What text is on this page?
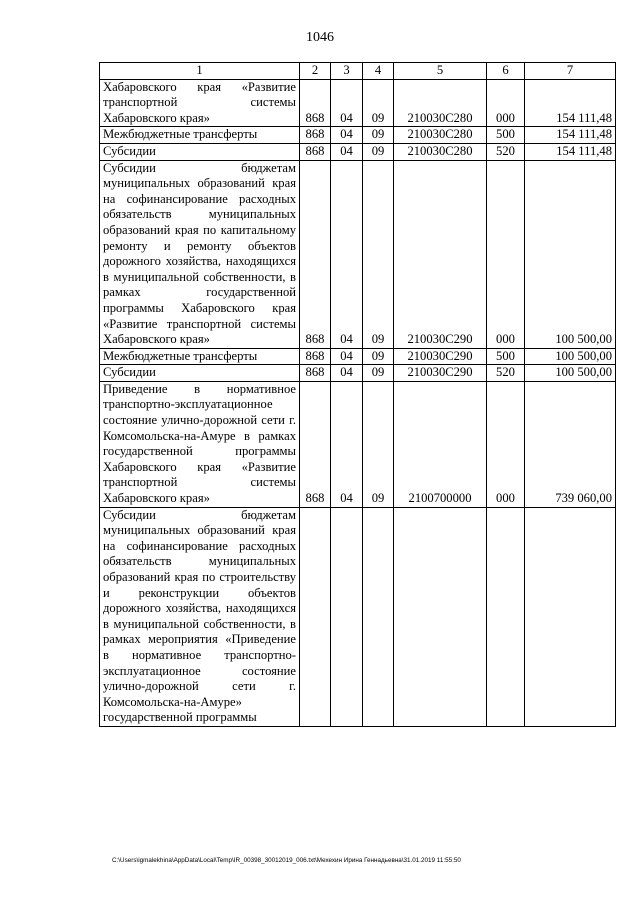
1046
1	2	3	4	5	6	7
Хабаровского края «Развитие транспортной системы Хабаровского края»	868	04	09	210030С280	000	154 111,48
Межбюджетные трансферты	868	04	09	210030С280	500	154 111,48
Субсидии	868	04	09	210030С280	520	154 111,48
Субсидии бюджетам муниципальных образований края на софинансирование расходных обязательств муниципальных образований края по капитальному ремонту и ремонту объектов дорожного хозяйства, находящихся в муниципальной собственности, в рамках государственной программы Хабаровского края «Развитие транспортной системы Хабаровского края»	868	04	09	210030С290	000	100 500,00
Межбюджетные трансферты	868	04	09	210030С290	500	100 500,00
Субсидии	868	04	09	210030С290	520	100 500,00
Приведение в нормативное транспортно-эксплуатационное состояние улично-дорожной сети г. Комсомольска-на-Амуре в рамках государственной программы Хабаровского края «Развитие транспортной системы Хабаровского края»	868	04	09	2100700000	000	739 060,00
Субсидии бюджетам муниципальных образований края на софинансирование расходных обязательств муниципальных образований края по строительству и реконструкции объектов дорожного хозяйства, находящихся в муниципальной собственности, в рамках мероприятия «Приведение в нормативное транспортно-эксплуатационное состояние улично-дорожной сети г. Комсомольска-на-Амуре» государственной программы						
C:\Users\igmalekhina\AppData\Local\Temp\IR_00398_30012019_006.txt\Мехехин Ирина Геннадьевна\31.01.2019 11:55:50
